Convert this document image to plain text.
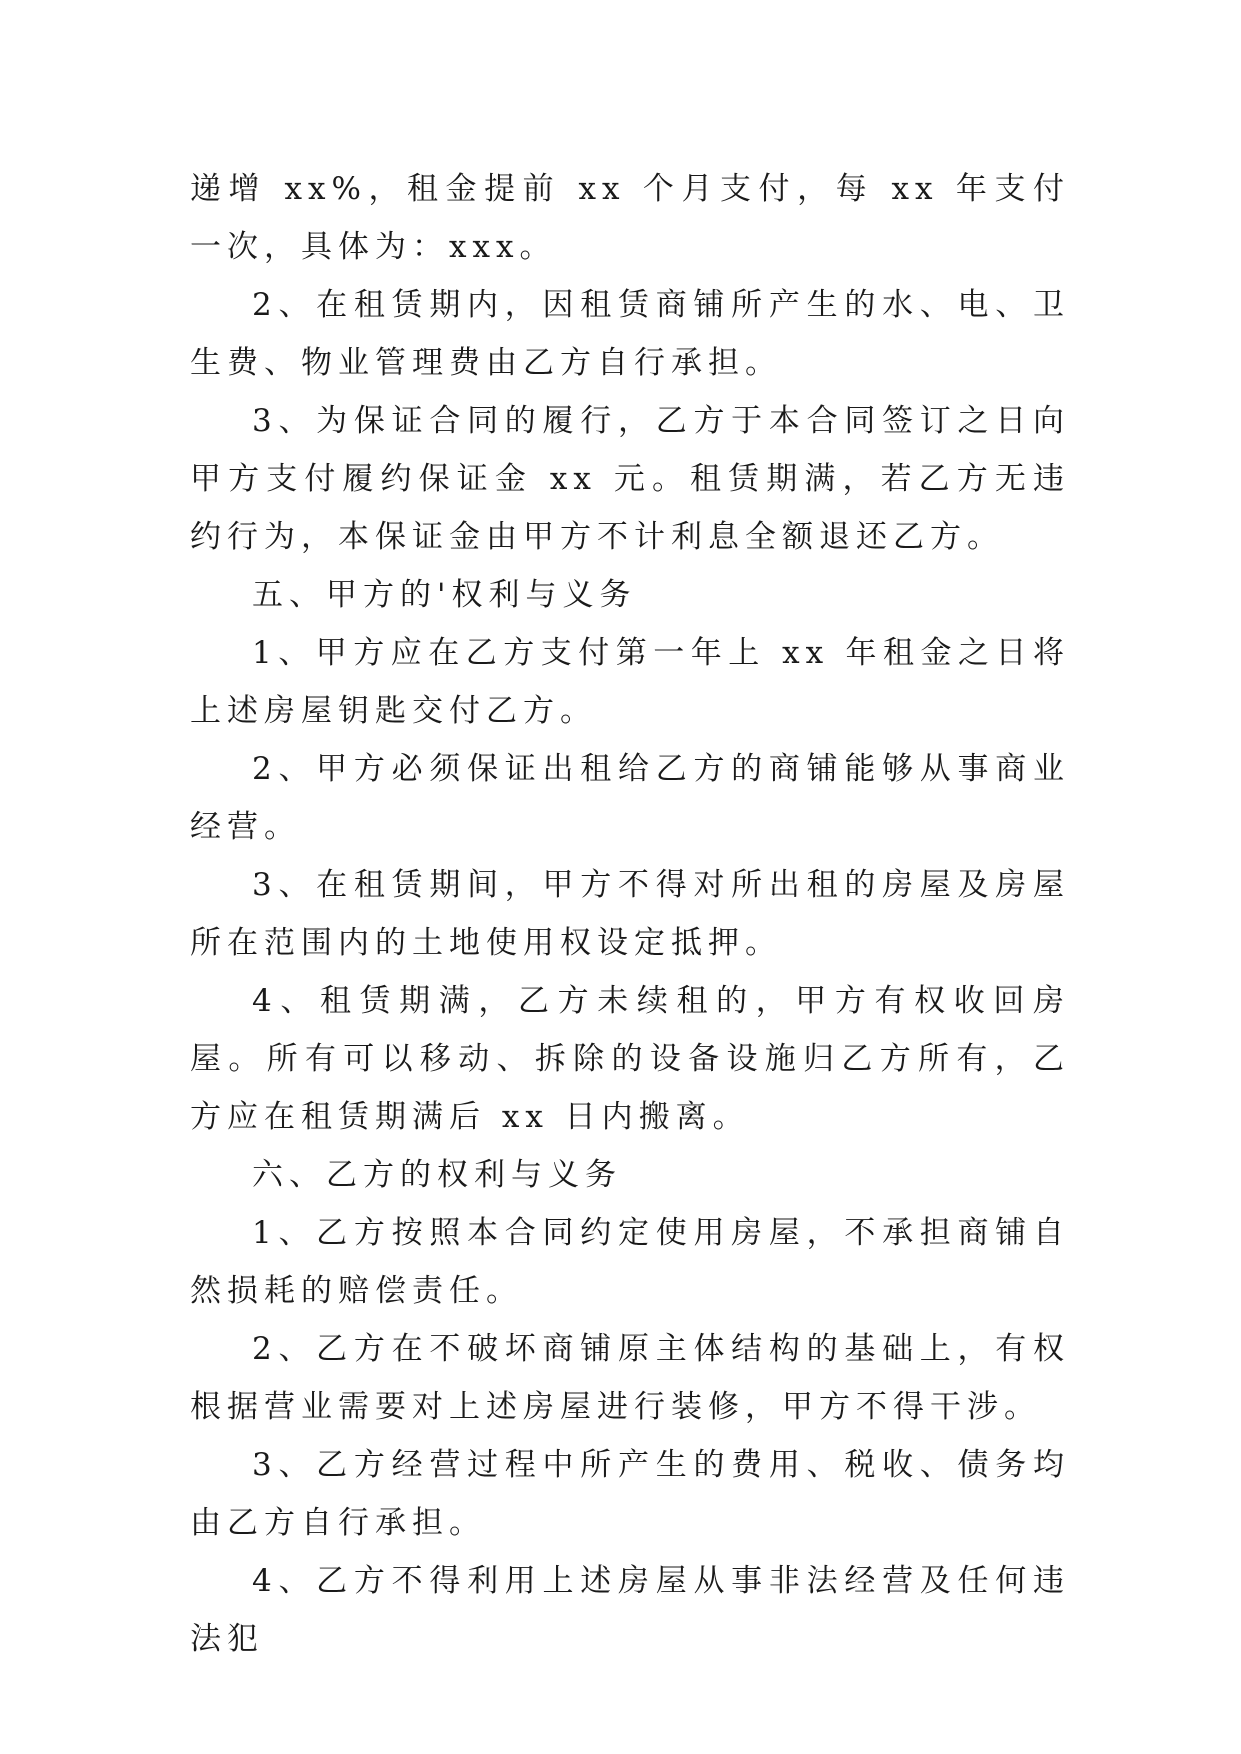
递增 xx%，租金提前 xx 个月支付，每 xx 年支付一次，具体为：xxx。

2、在租赁期内，因租赁商铺所产生的水、电、卫生费、物业管理费由乙方自行承担。

3、为保证合同的履行，乙方于本合同签订之日向甲方支付履约保证金 xx 元。租赁期满，若乙方无违约行为，本保证金由甲方不计利息全额退还乙方。

五、甲方的'权利与义务

1、甲方应在乙方支付第一年上 xx 年租金之日将上述房屋钥匙交付乙方。

2、甲方必须保证出租给乙方的商铺能够从事商业经营。

3、在租赁期间，甲方不得对所出租的房屋及房屋所在范围内的土地使用权设定抵押。

4、租赁期满，乙方未续租的，甲方有权收回房屋。所有可以移动、拆除的设备设施归乙方所有，乙方应在租赁期满后 xx 日内搬离。

六、乙方的权利与义务

1、乙方按照本合同约定使用房屋，不承担商铺自然损耗的赔偿责任。

2、乙方在不破坏商铺原主体结构的基础上，有权根据营业需要对上述房屋进行装修，甲方不得干涉。

3、乙方经营过程中所产生的费用、税收、债务均由乙方自行承担。

4、乙方不得利用上述房屋从事非法经营及任何违法犯
